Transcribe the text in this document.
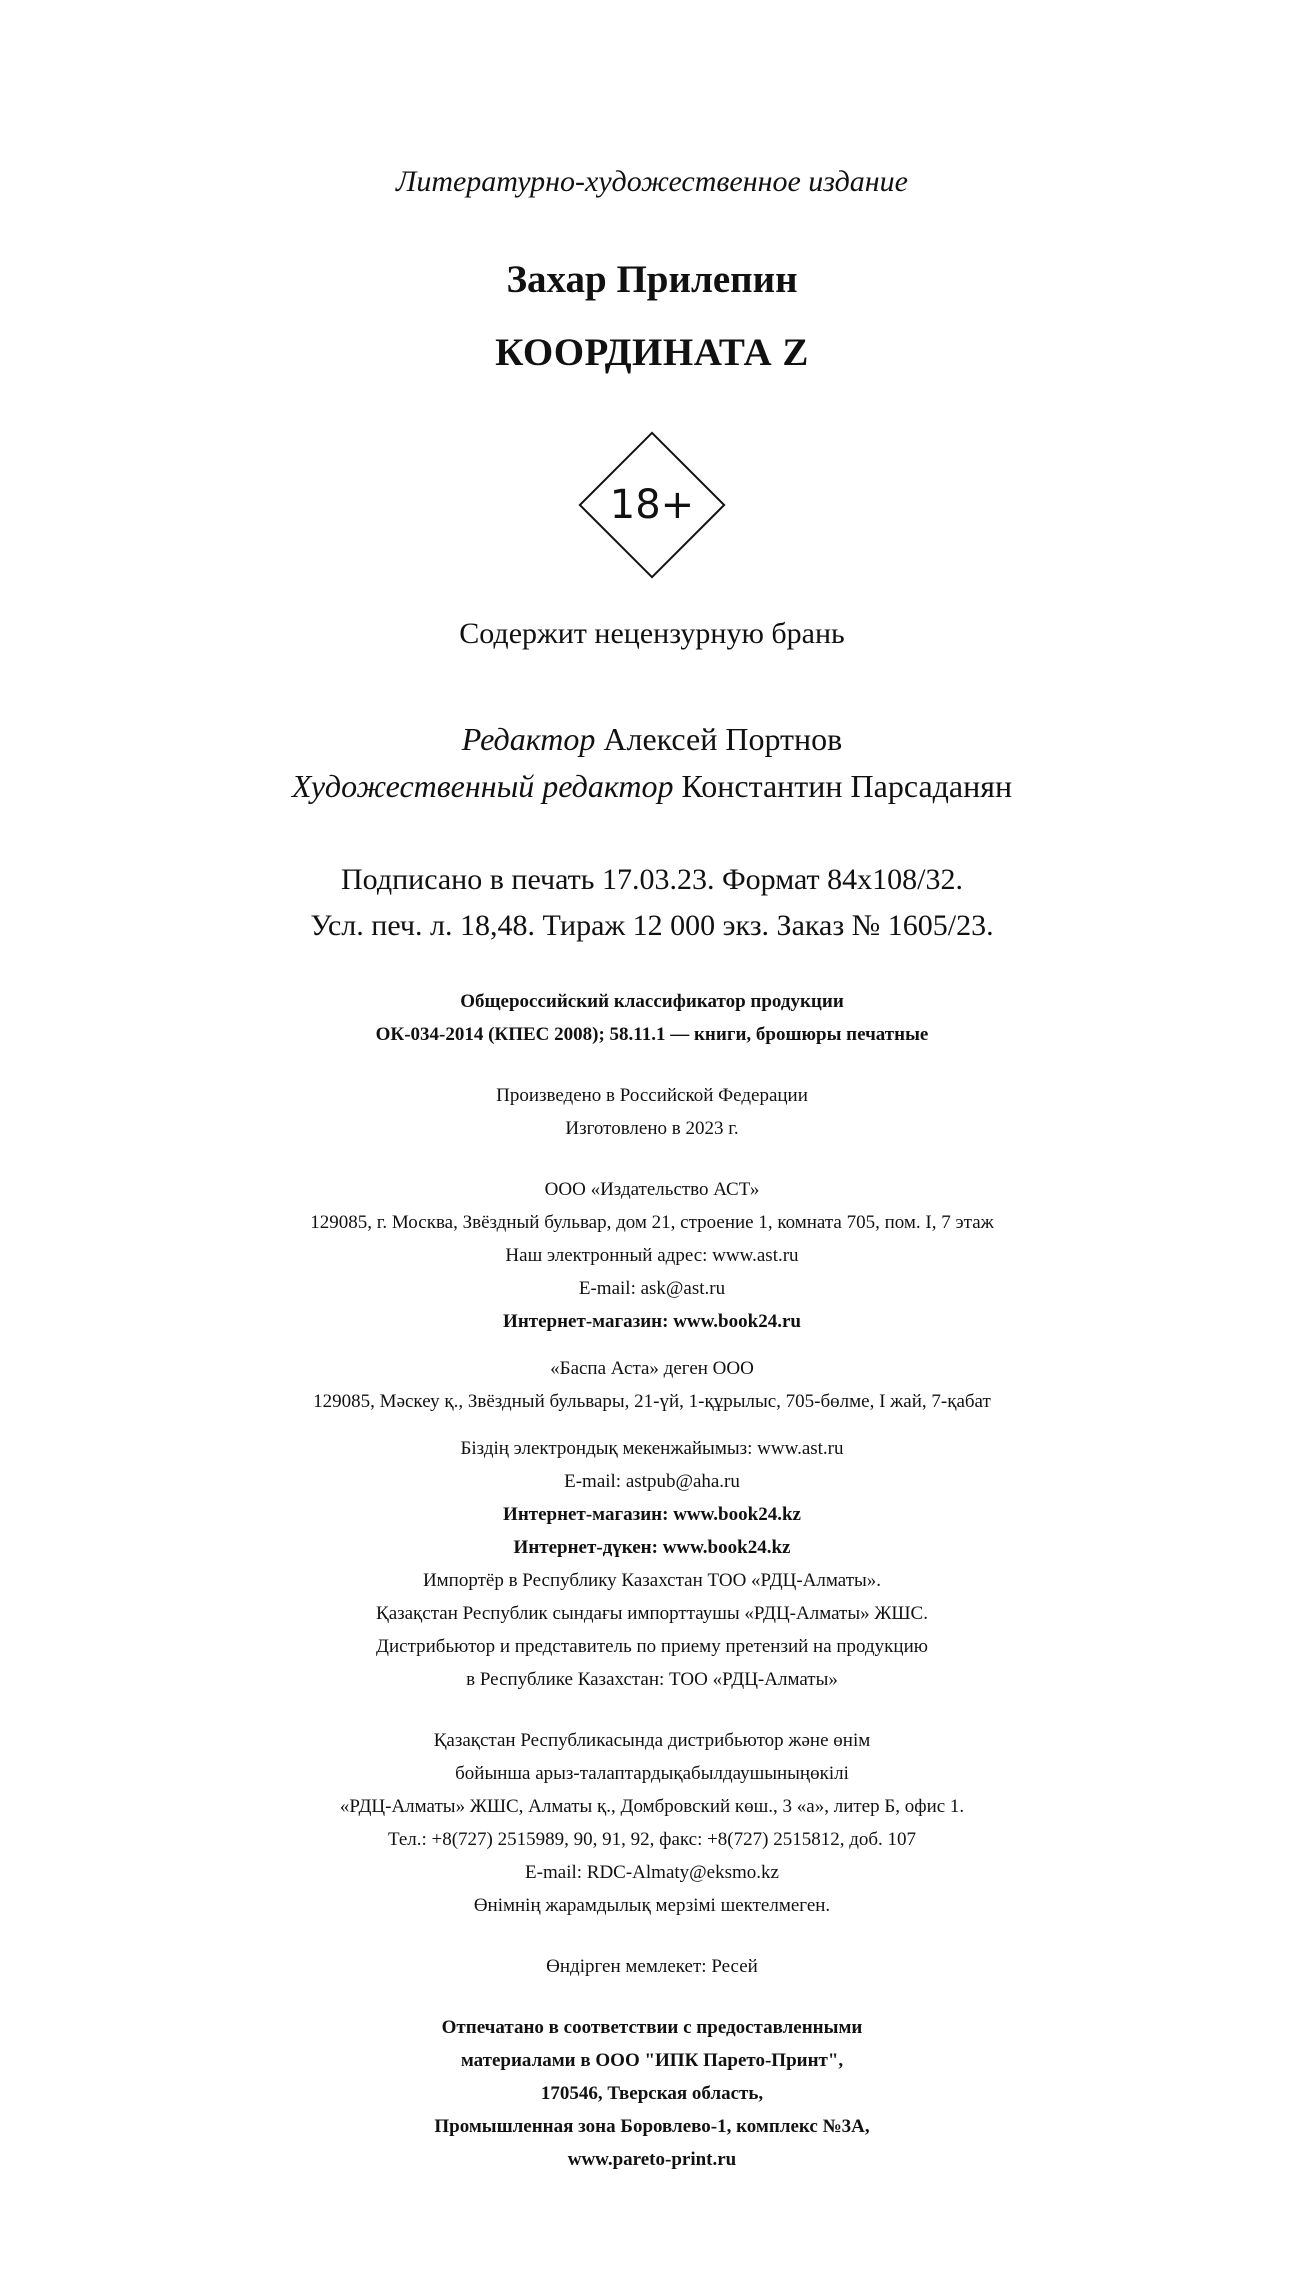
Литературно-художественное издание

Захар Прилепин

КООРДИНАТА Z

18+

Содержит нецензурную брань

Редактор Алексей Портнов

Художественный редактор Константин Парсаданян

Подписано в печать 17.03.23. Формат 84x108/32.

Усл. печ. л. 18,48. Тираж 12 000 экз. Заказ № 1605/23.

Общероссийский классификатор продукции

ОК-034-2014 (КПЕС 2008); 58.11.1 — книги, брошюры печатные

Произведено в Российской Федерации

Изготовлено в 2023 г.

ООО «Издательство АСТ»

129085, г. Москва, Звёздный бульвар, дом 21, строение 1, комната 705, пом. I, 7 этаж

Наш электронный адрес: www.ast.ru

E-mail: ask@ast.ru

Интернет-магазин: www.book24.ru

«Баспа Аста» деген ООО

129085, Мәскеу қ., Звёздный бульвары, 21-үй, 1-құрылыс, 705-бөлме, I жай, 7-қабат

Біздің электрондық мекенжайымыз: www.ast.ru

E-mail: astpub@aha.ru

Интернет-магазин: www.book24.kz

Интернет-дүкен: www.book24.kz

Импортёр в Республику Казахстан ТОО «РДЦ-Алматы».

Қазақстан Республик сындағы импорттаушы «РДЦ-Алматы» ЖШС.

Дистрибьютор и представитель по приему претензий на продукцию

в Республике Казахстан: ТОО «РДЦ-Алматы»

Қазақстан Республикасында дистрибьютор және өнім

бойынша арыз-талаптардықабылдаушыныңөкілі

«РДЦ-Алматы» ЖШС, Алматы қ., Домбровский көш., 3 «а», литер Б, офис 1.

Тел.: +8(727) 2515989, 90, 91, 92, факс: +8(727) 2515812, доб. 107

E-mail: RDC-Almaty@eksmo.kz

Өнімнің жарамдылық мерзімі шектелмеген.

Өндірген мемлекет: Ресей

Отпечатано в соответствии с предоставленными

материалами в ООО "ИПК Парето-Принт",

170546, Тверская область,

Промышленная зона Боровлево-1, комплекс №3А,

www.pareto-print.ru
